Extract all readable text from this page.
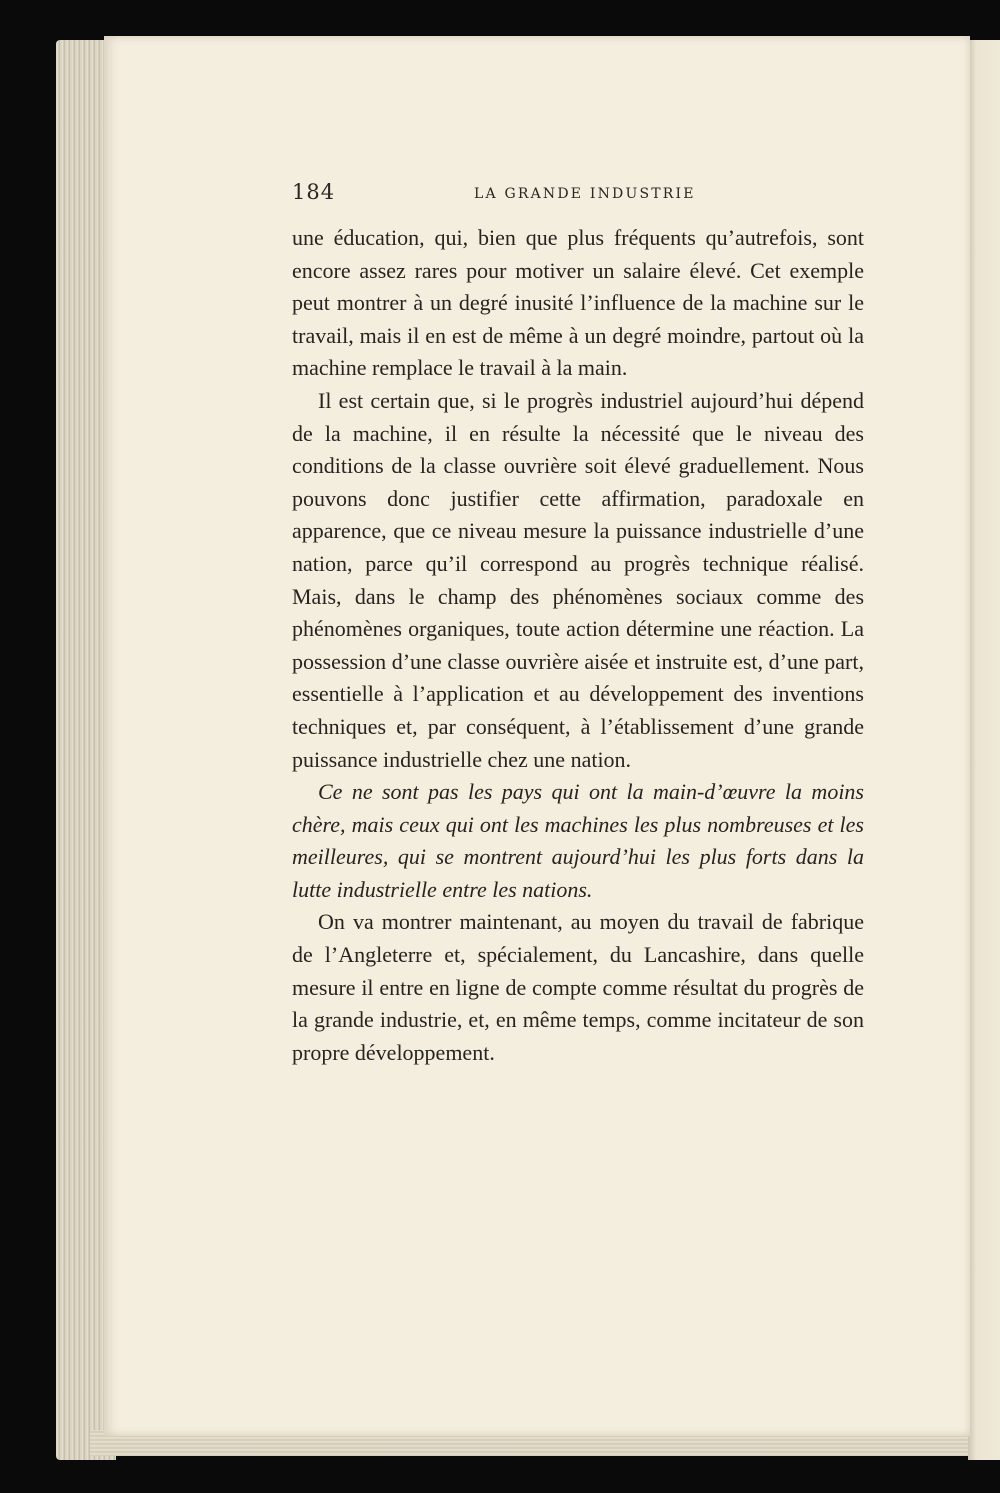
184	LA GRANDE INDUSTRIE

une éducation, qui, bien que plus fréquents qu’autrefois, sont encore assez rares pour motiver un salaire élevé. Cet exemple peut montrer à un degré inusité l’influence de la machine sur le travail, mais il en est de même à un degré moindre, partout où la machine remplace le travail à la main.

Il est certain que, si le progrès industriel aujourd’hui dépend de la machine, il en résulte la nécessité que le niveau des conditions de la classe ouvrière soit élevé graduellement. Nous pouvons donc justifier cette affirmation, paradoxale en apparence, que ce niveau mesure la puissance industrielle d’une nation, parce qu’il correspond au progrès technique réalisé. Mais, dans le champ des phénomènes sociaux comme des phénomènes organiques, toute action détermine une réaction. La possession d’une classe ouvrière aisée et instruite est, d’une part, essentielle à l’application et au développement des inventions techniques et, par conséquent, à l’établissement d’une grande puissance industrielle chez une nation.

Ce ne sont pas les pays qui ont la main-d’œuvre la moins chère, mais ceux qui ont les machines les plus nombreuses et les meilleures, qui se montrent aujourd’hui les plus forts dans la lutte industrielle entre les nations.

On va montrer maintenant, au moyen du travail de fabrique de l’Angleterre et, spécialement, du Lancashire, dans quelle mesure il entre en ligne de compte comme résultat du progrès de la grande industrie, et, en même temps, comme incitateur de son propre développement.
